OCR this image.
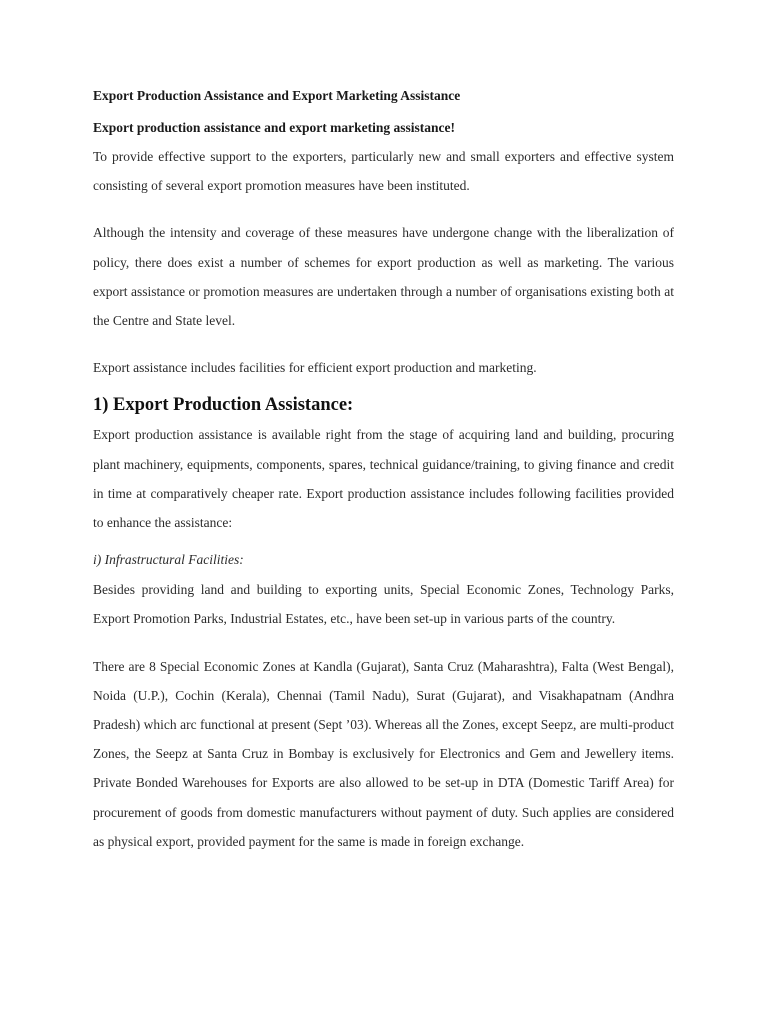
Export Production Assistance and Export Marketing Assistance
Export production assistance and export marketing assistance!

To provide effective support to the exporters, particularly new and small exporters and effective system consisting of several export promotion measures have been instituted.

Although the intensity and coverage of these measures have undergone change with the liberalization of policy, there does exist a number of schemes for export production as well as marketing. The various export assistance or promotion measures are undertaken through a number of organisations existing both at the Centre and State level.

Export assistance includes facilities for efficient export production and marketing.

1) Export Production Assistance:

Export production assistance is available right from the stage of acquiring land and building, procuring plant machinery, equipments, components, spares, technical guidance/training, to giving finance and credit in time at comparatively cheaper rate. Export production assistance includes following facilities provided to enhance the assistance:

i) Infrastructural Facilities:

Besides providing land and building to exporting units, Special Economic Zones, Technology Parks, Export Promotion Parks, Industrial Estates, etc., have been set-up in various parts of the country.

There are 8 Special Economic Zones at Kandla (Gujarat), Santa Cruz (Maharashtra), Falta (West Bengal), Noida (U.P.), Cochin (Kerala), Chennai (Tamil Nadu), Surat (Gujarat), and Visakhapatnam (Andhra Pradesh) which arc functional at present (Sept ’03). Whereas all the Zones, except Seepz, are multi-product Zones, the Seepz at Santa Cruz in Bombay is exclusively for Electronics and Gem and Jewellery items. Private Bonded Warehouses for Exports are also allowed to be set-up in DTA (Domestic Tariff Area) for procurement of goods from domestic manufacturers without payment of duty. Such applies are considered as physical export, provided payment for the same is made in foreign exchange.
